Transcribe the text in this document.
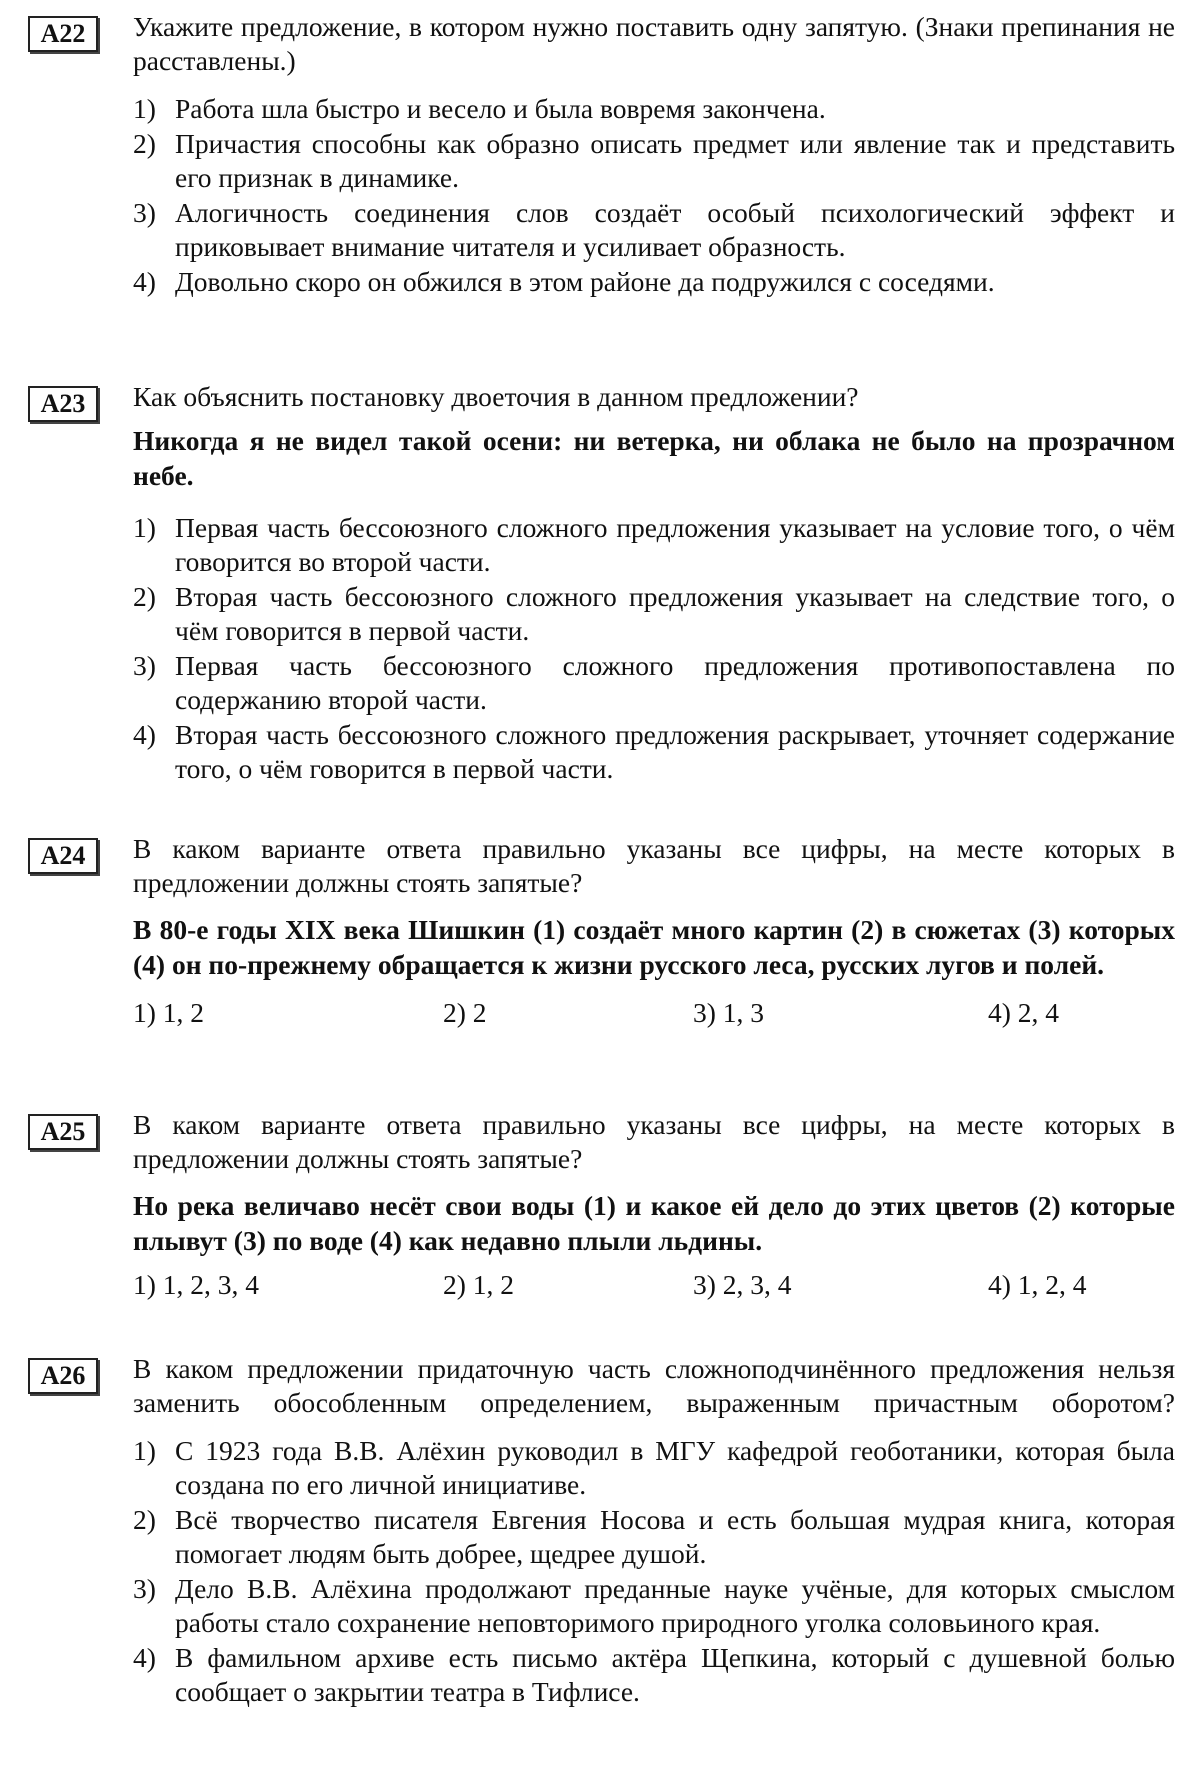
A22	Укажите предложение, в котором нужно поставить одну запятую. (Знаки препинания не расставлены.)
1) Работа шла быстро и весело и была вовремя закончена.
2) Причастия способны как образно описать предмет или явление так и представить его признак в динамике.
3) Алогичность соединения слов создаёт особый психологический эффект и приковывает внимание читателя и усиливает образность.
4) Довольно скоро он обжился в этом районе да подружился с соседями.
A23	Как объяснить постановку двоеточия в данном предложении?
Никогда я не видел такой осени: ни ветерка, ни облака не было на прозрачном небе.
1) Первая часть бессоюзного сложного предложения указывает на условие того, о чём говорится во второй части.
2) Вторая часть бессоюзного сложного предложения указывает на следствие того, о чём говорится в первой части.
3) Первая часть бессоюзного сложного предложения противопоставлена по содержанию второй части.
4) Вторая часть бессоюзного сложного предложения раскрывает, уточняет содержание того, о чём говорится в первой части.
A24	В каком варианте ответа правильно указаны все цифры, на месте которых в предложении должны стоять запятые?
В 80-е годы XIX века Шишкин (1) создаёт много картин (2) в сюжетах (3) которых (4) он по-прежнему обращается к жизни русского леса, русских лугов и полей.
1) 1, 2	2) 2	3) 1, 3	4) 2, 4
A25	В каком варианте ответа правильно указаны все цифры, на месте которых в предложении должны стоять запятые?
Но река величаво несёт свои воды (1) и какое ей дело до этих цветов (2) которые плывут (3) по воде (4) как недавно плыли льдины.
1) 1, 2, 3, 4	2) 1, 2	3) 2, 3, 4	4) 1, 2, 4
A26	В каком предложении придаточную часть сложноподчинённого предложения нельзя заменить обособленным определением, выраженным причастным оборотом?
1) С 1923 года В.В. Алёхин руководил в МГУ кафедрой геоботаники, которая была создана по его личной инициативе.
2) Всё творчество писателя Евгения Носова и есть большая мудрая книга, которая помогает людям быть добрее, щедрее душой.
3) Дело В.В. Алёхина продолжают преданные науке учёные, для которых смыслом работы стало сохранение неповторимого природного уголка соловьиного края.
4) В фамильном архиве есть письмо актёра Щепкина, который с душевной болью сообщает о закрытии театра в Тифлисе.
